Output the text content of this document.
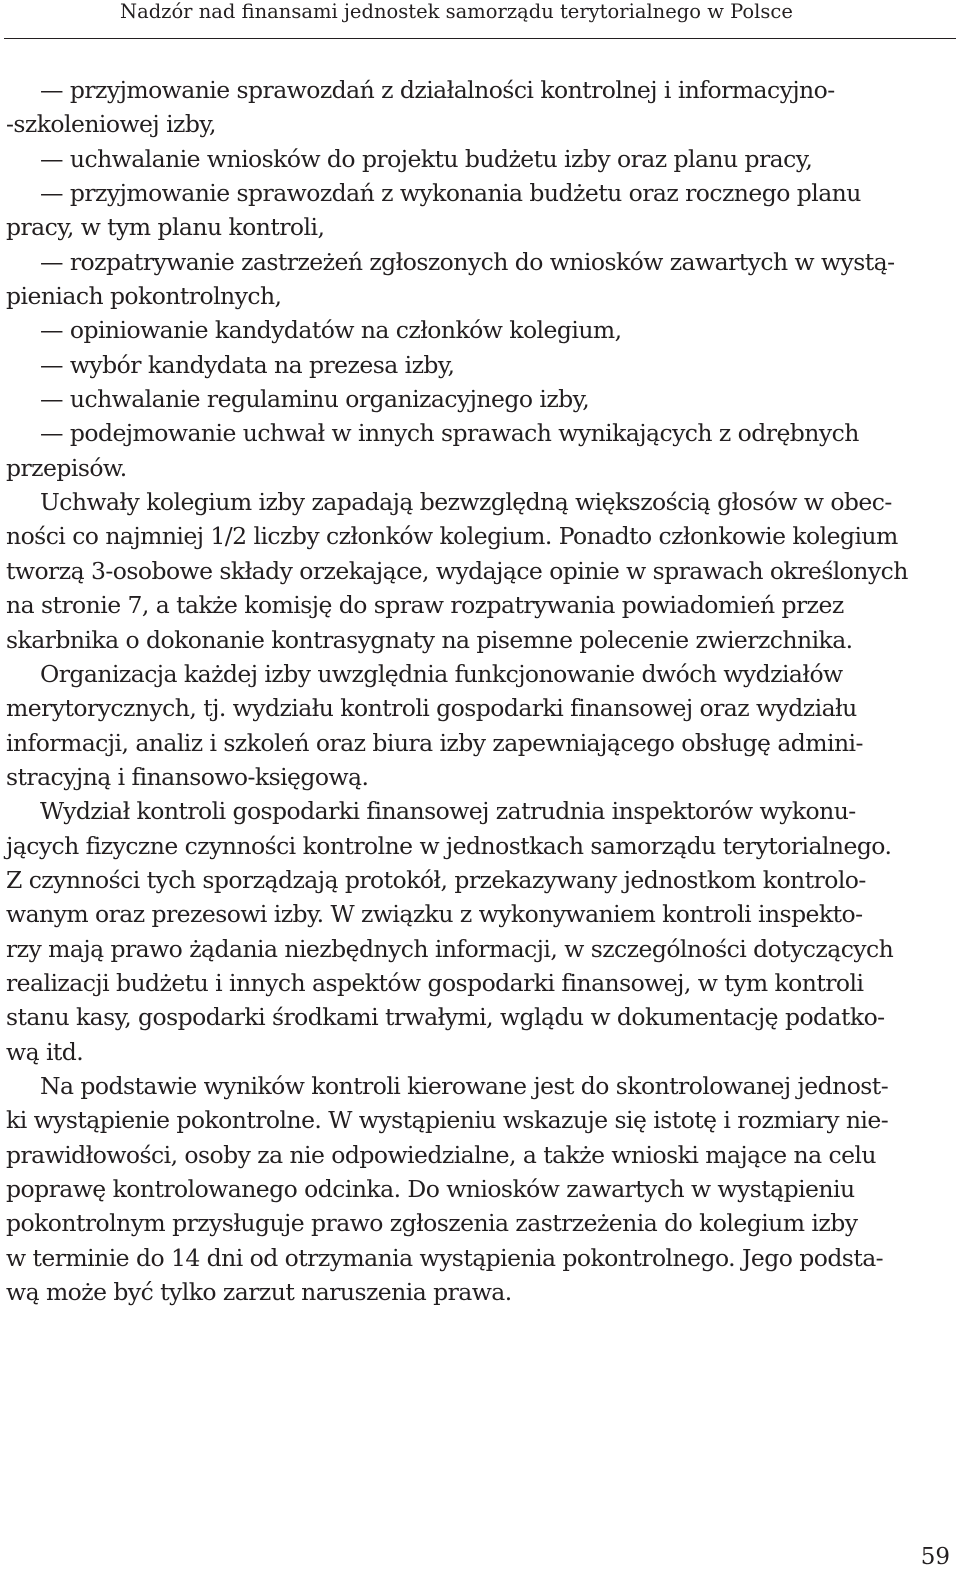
Nadzór nad finansami jednostek samorządu terytorialnego w Polsce
— przyjmowanie sprawozdań z działalności kontrolnej i informacyjno-
-szkoleniowej izby,
— uchwalanie wniosków do projektu budżetu izby oraz planu pracy,
— przyjmowanie sprawozdań z wykonania budżetu oraz rocznego planu
pracy, w tym planu kontroli,
— rozpatrywanie zastrzeżeń zgłoszonych do wniosków zawartych w wystą-
pieniach pokontrolnych,
— opiniowanie kandydatów na członków kolegium,
— wybór kandydata na prezesa izby,
— uchwalanie regulaminu organizacyjnego izby,
— podejmowanie uchwał w innych sprawach wynikających z odrębnych
przepisów.
Uchwały kolegium izby zapadają bezwzględną większością głosów w obec-
ności co najmniej 1/2 liczby członków kolegium. Ponadto członkowie kolegium
tworzą 3-osobowe składy orzekające, wydające opinie w sprawach określonych
na stronie 7, a także komisję do spraw rozpatrywania powiadomień przez
skarbnika o dokonanie kontrasygnaty na pisemne polecenie zwierzchnika.
Organizacja każdej izby uwzględnia funkcjonowanie dwóch wydziałów
merytorycznych, tj. wydziału kontroli gospodarki finansowej oraz wydziału
informacji, analiz i szkoleń oraz biura izby zapewniającego obsługę admini-
stracyjną i finansowo-księgową.
Wydział kontroli gospodarki finansowej zatrudnia inspektorów wykonu-
jących fizyczne czynności kontrolne w jednostkach samorządu terytorialnego.
Z czynności tych sporządzają protokół, przekazywany jednostkom kontrolo-
wanym oraz prezesowi izby. W związku z wykonywaniem kontroli inspekto-
rzy mają prawo żądania niezbędnych informacji, w szczególności dotyczących
realizacji budżetu i innych aspektów gospodarki finansowej, w tym kontroli
stanu kasy, gospodarki środkami trwałymi, wglądu w dokumentację podatko-
wą itd.
Na podstawie wyników kontroli kierowane jest do skontrolowanej jednost-
ki wystąpienie pokontrolne. W wystąpieniu wskazuje się istotę i rozmiary nie-
prawidłowości, osoby za nie odpowiedzialne, a także wnioski mające na celu
poprawę kontrolowanego odcinka. Do wniosków zawartych w wystąpieniu
pokontrolnym przysługuje prawo zgłoszenia zastrzeżenia do kolegium izby
w terminie do 14 dni od otrzymania wystąpienia pokontrolnego. Jego podsta-
wą może być tylko zarzut naruszenia prawa.
59
